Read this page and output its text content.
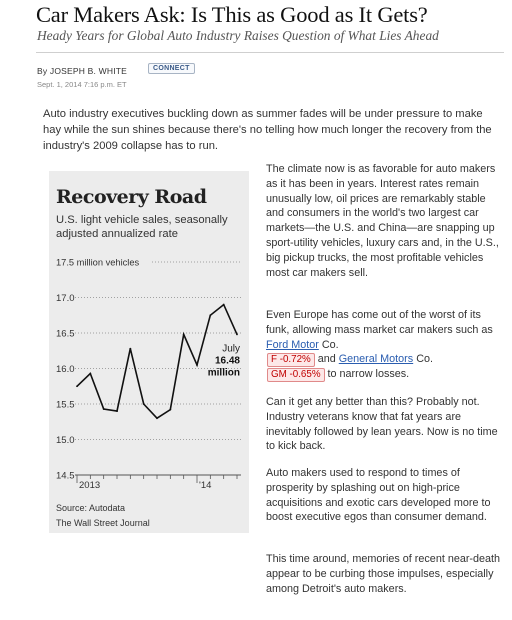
Car Makers Ask: Is This as Good as It Gets?
Heady Years for Global Auto Industry Raises Question of What Lies Ahead
By JOSEPH B. WHITE	CONNECT
Sept. 1, 2014 7:16 p.m. ET
Auto industry executives buckling down as summer fades will be under pressure to make hay while the sun shines because there's no telling how much longer the recovery from the industry's 2009 collapse has to run.
Recovery Road
U.S. light vehicle sales, seasonally
adjusted annualized rate
17.5 million vehicles
17.0
16.5
16.0
15.5
15.0
14.5
2013	'14
July
16.48
million
Source: Autodata
The Wall Street Journal

The climate now is as favorable for auto makers as it has been in years. Interest rates remain unusually low, oil prices are remarkably stable and consumers in the world's two largest car markets—the U.S. and China—are snapping up sport-utility vehicles, luxury cars and, in the U.S., big pickup trucks, the most profitable vehicles most car makers sell.

Even Europe has come out of the worst of its funk, allowing mass market car makers such as Ford Motor Co.
F -0.72% and General Motors Co.
GM -0.65% to narrow losses.

Can it get any better than this? Probably not. Industry veterans know that fat years are inevitably followed by lean years. Now is no time to kick back.

Auto makers used to respond to times of prosperity by splashing out on high-price acquisitions and exotic cars developed more to boost executive egos than consumer demand.

This time around, memories of recent near-death appear to be curbing those impulses, especially among Detroit's auto makers.
